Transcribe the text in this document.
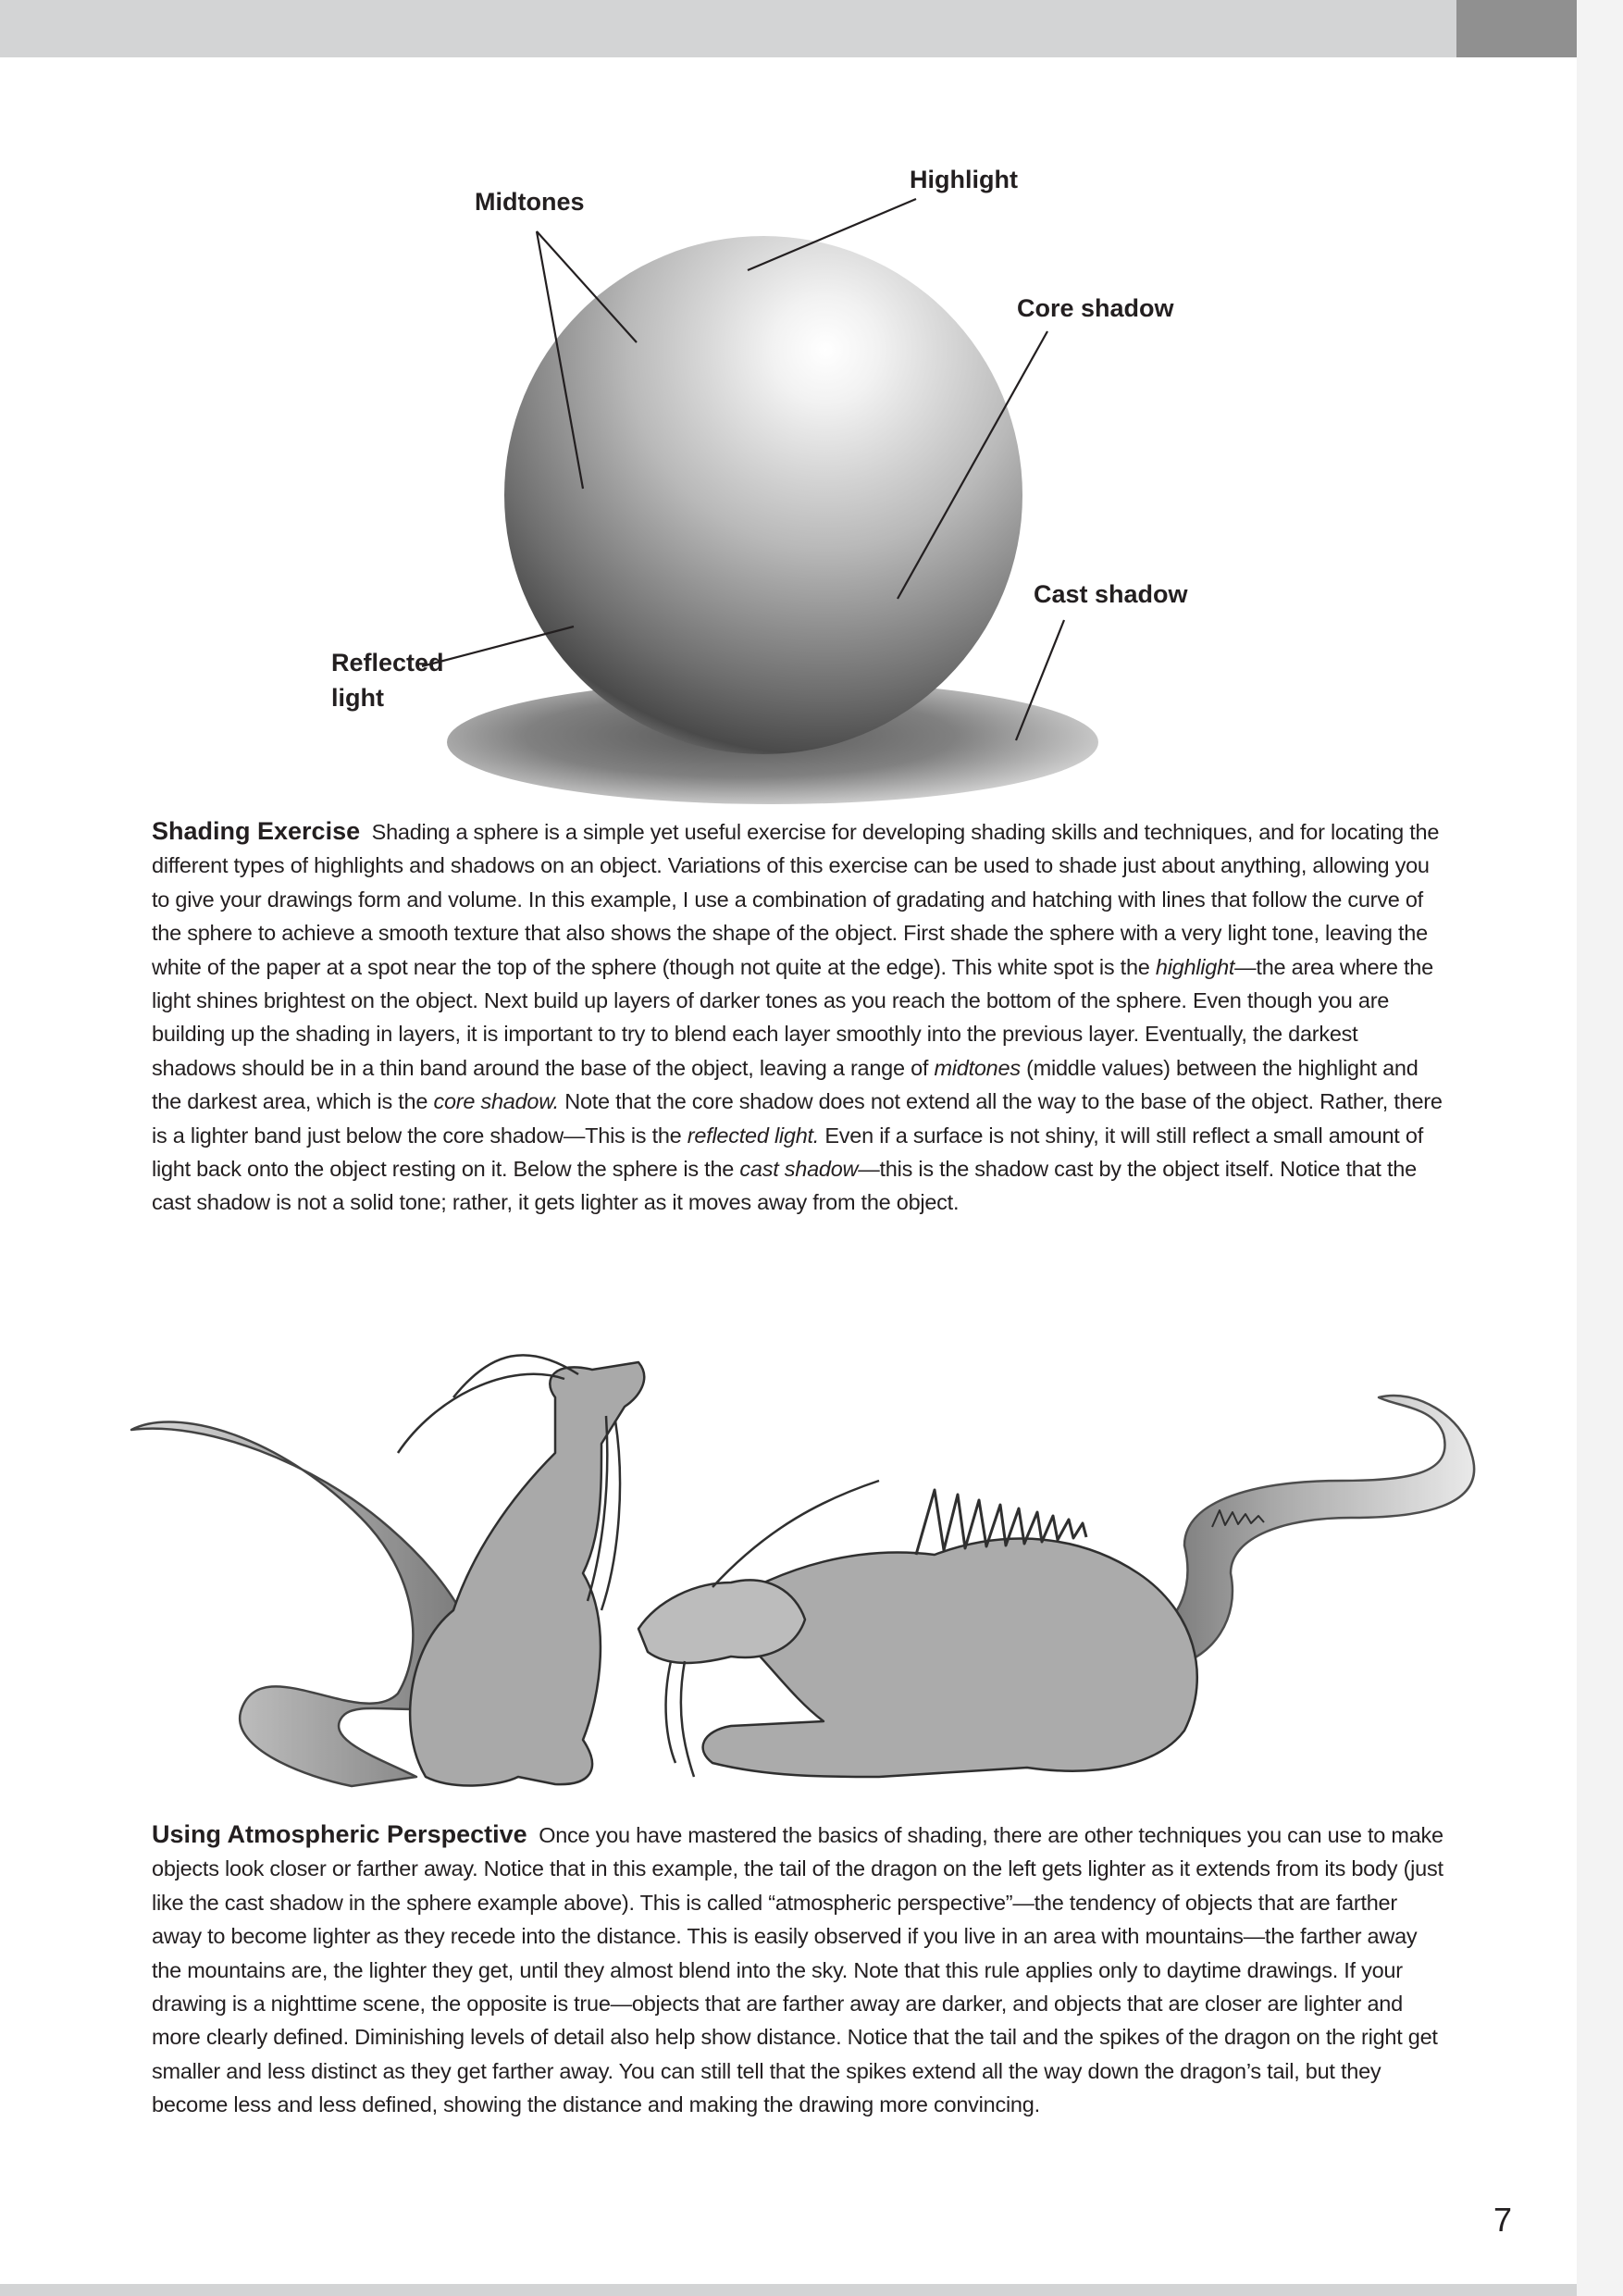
Midtones
Highlight
Core shadow
Cast shadow
Reflected
light

Shading Exercise Shading a sphere is a simple yet useful exercise for developing shading skills and techniques, and for locating the different types of highlights and shadows on an object. Variations of this exercise can be used to shade just about anything, allowing you to give your drawings form and volume. In this example, I use a combination of gradating and hatching with lines that follow the curve of the sphere to achieve a smooth texture that also shows the shape of the object. First shade the sphere with a very light tone, leaving the white of the paper at a spot near the top of the sphere (though not quite at the edge). This white spot is the highlight—the area where the light shines brightest on the object. Next build up layers of darker tones as you reach the bottom of the sphere. Even though you are building up the shading in layers, it is important to try to blend each layer smoothly into the previous layer. Eventually, the darkest shadows should be in a thin band around the base of the object, leaving a range of midtones (middle values) between the highlight and the darkest area, which is the core shadow. Note that the core shadow does not extend all the way to the base of the object. Rather, there is a lighter band just below the core shadow—This is the reflected light. Even if a surface is not shiny, it will still reflect a small amount of light back onto the object resting on it. Below the sphere is the cast shadow—this is the shadow cast by the object itself. Notice that the cast shadow is not a solid tone; rather, it gets lighter as it moves away from the object.

Using Atmospheric Perspective Once you have mastered the basics of shading, there are other techniques you can use to make objects look closer or farther away. Notice that in this example, the tail of the dragon on the left gets lighter as it extends from its body (just like the cast shadow in the sphere example above). This is called “atmospheric perspective”—the tendency of objects that are farther away to become lighter as they recede into the distance. This is easily observed if you live in an area with mountains—the farther away the mountains are, the lighter they get, until they almost blend into the sky. Note that this rule applies only to daytime drawings. If your drawing is a nighttime scene, the opposite is true—objects that are farther away are darker, and objects that are closer are lighter and more clearly defined. Diminishing levels of detail also help show distance. Notice that the tail and the spikes of the dragon on the right get smaller and less distinct as they get farther away. You can still tell that the spikes extend all the way down the dragon’s tail, but they become less and less defined, showing the distance and making the drawing more convincing.

7
